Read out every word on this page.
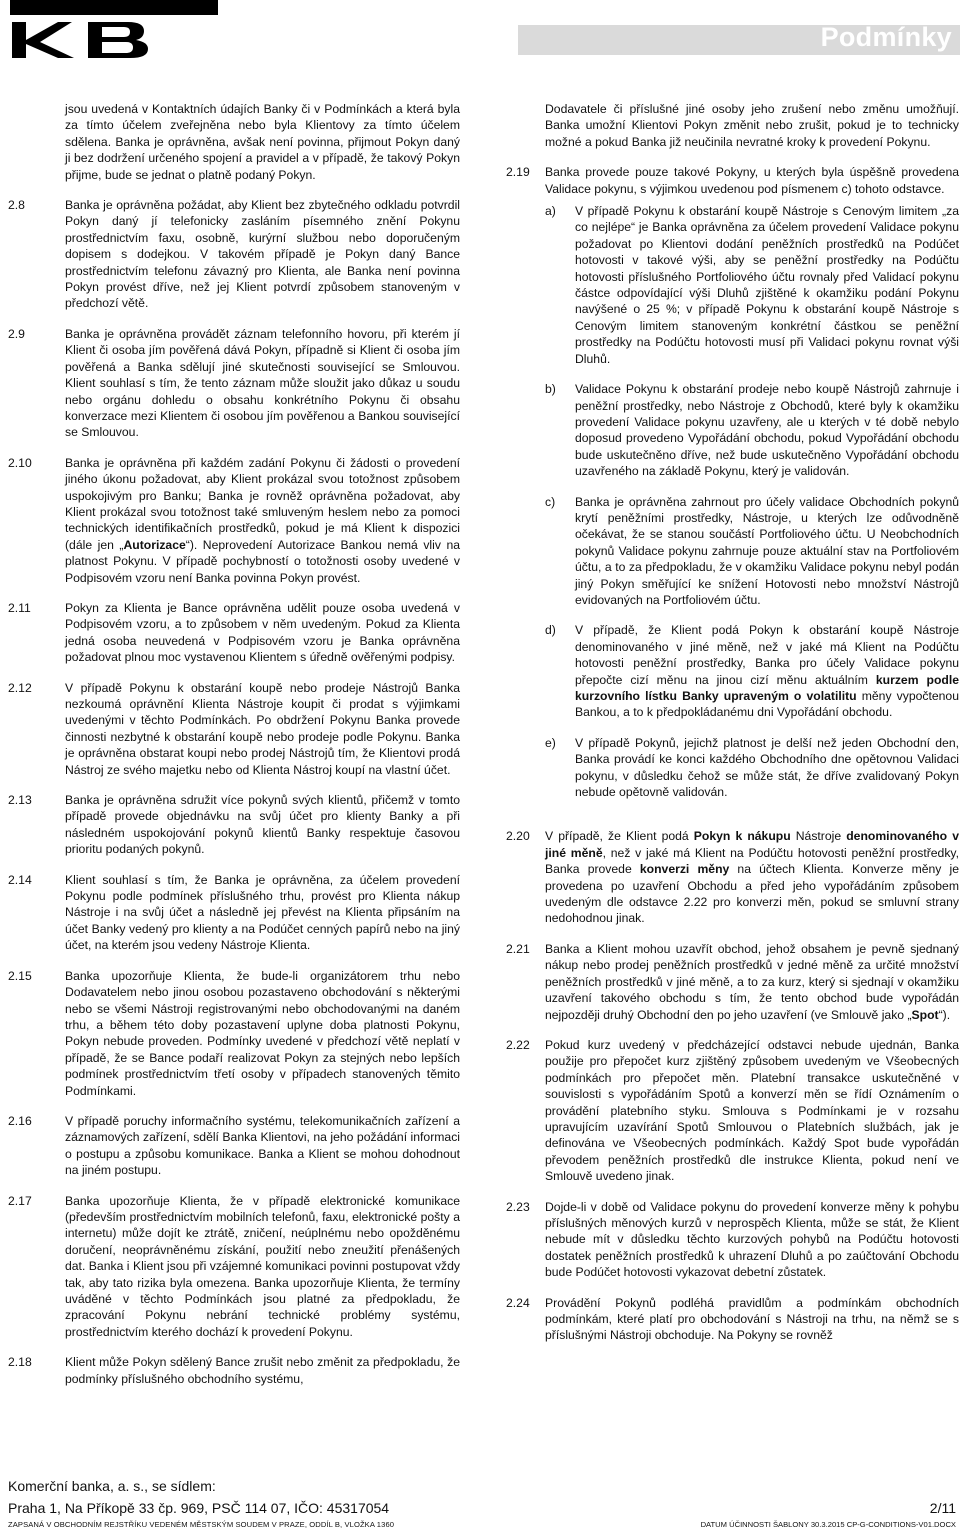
Podmínky
jsou uvedená v Kontaktních údajích Banky či v Podmínkách a která byla za tímto účelem zveřejněna nebo byla Klientovy za tímto účelem sdělena. Banka je oprávněna, avšak není povinna, přijmout Pokyn daný ji bez dodržení určeného spojení a pravidel a v případě, že takový Pokyn přijme, bude se jednat o platně podaný Pokyn.
2.8	Banka je oprávněna požádat, aby Klient bez zbytečného odkladu potvrdil Pokyn daný jí telefonicky zasláním písemného znění Pokynu prostřednictvím faxu, osobně, kurýrní službou nebo doporučeným dopisem s dodejkou. V takovém případě je Pokyn daný Bance prostřednictvím telefonu závazný pro Klienta, ale Banka není povinna Pokyn provést dříve, než jej Klient potvrdí způsobem stanoveným v předchozí větě.
2.9	Banka je oprávněna provádět záznam telefonního hovoru, při kterém jí Klient či osoba jím pověřená dává Pokyn, případně si Klient či osoba jím pověřená a Banka sdělují jiné skutečnosti související se Smlouvou. Klient souhlasí s tím, že tento záznam může sloužit jako důkaz u soudu nebo orgánu dohledu o obsahu konkrétního Pokynu či obsahu konverzace mezi Klientem či osobou jím pověřenou a Bankou související se Smlouvou.
2.10	Banka je oprávněna při každém zadání Pokynu či žádosti o provedení jiného úkonu požadovat, aby Klient prokázal svou totožnost způsobem uspokojivým pro Banku; Banka je rovněž oprávněna požadovat, aby Klient prokázal svou totožnost také smluveným heslem nebo za pomoci technických identifikačních prostředků, pokud je má Klient k dispozici (dále jen „Autorizace“). Neprovedení Autorizace Bankou nemá vliv na platnost Pokynu. V případě pochybností o totožnosti osoby uvedené v Podpisovém vzoru není Banka povinna Pokyn provést.
2.11	Pokyn za Klienta je Bance oprávněna udělit pouze osoba uvedená v Podpisovém vzoru, a to způsobem v něm uvedeným. Pokud za Klienta jedná osoba neuvedená v Podpisovém vzoru je Banka oprávněna požadovat plnou moc vystavenou Klientem s úředně ověřenými podpisy.
2.12	V případě Pokynu k obstarání koupě nebo prodeje Nástrojů Banka nezkoumá oprávnění Klienta Nástroje koupit či prodat s výjimkami uvedenými v těchto Podmínkách. Po obdržení Pokynu Banka provede činnosti nezbytné k obstarání koupě nebo prodeje podle Pokynu. Banka je oprávněna obstarat koupi nebo prodej Nástrojů tím, že Klientovi prodá Nástroj ze svého majetku nebo od Klienta Nástroj koupí na vlastní účet.
2.13	Banka je oprávněna sdružit více pokynů svých klientů, přičemž v tomto případě provede objednávku na svůj účet pro klienty Banky a při následném uspokojování pokynů klientů Banky respektuje časovou prioritu podaných pokynů.
2.14	Klient souhlasí s tím, že Banka je oprávněna, za účelem provedení Pokynu podle podmínek příslušného trhu, provést pro Klienta nákup Nástroje i na svůj účet a následně jej převést na Klienta připsáním na účet Banky vedený pro klienty a na Podúčet cenných papírů nebo na jiný účet, na kterém jsou vedeny Nástroje Klienta.
2.15	Banka upozorňuje Klienta, že bude-li organizátorem trhu nebo Dodavatelem nebo jinou osobou pozastaveno obchodování s některými nebo se všemi Nástroji registrovanými nebo obchodovanými na daném trhu, a během této doby pozastavení uplyne doba platnosti Pokynu, Pokyn nebude proveden. Podmínky uvedené v předchozí větě neplatí v případě, že se Bance podaří realizovat Pokyn za stejných nebo lepších podmínek prostřednictvím třetí osoby v případech stanovených těmito Podmínkami.
2.16	V případě poruchy informačního systému, telekomunikačních zařízení a záznamových zařízení, sdělí Banka Klientovi, na jeho požádání informaci o postupu a způsobu komunikace. Banka a Klient se mohou dohodnout na jiném postupu.
2.17	Banka upozorňuje Klienta, že v případě elektronické komunikace (především prostřednictvím mobilních telefonů, faxu, elektronické pošty a internetu) může dojít ke ztrátě, zničení, neúplnému nebo opožděnému doručení, neoprávněnému získání, použití nebo zneužití přenášených dat. Banka i Klient jsou při vzájemné komunikaci povinni postupovat vždy tak, aby tato rizika byla omezena. Banka upozorňuje Klienta, že termíny uváděné v těchto Podmínkách jsou platné za předpokladu, že zpracování Pokynu nebrání technické problémy systému, prostřednictvím kterého dochází k provedení Pokynu.
2.18	Klient může Pokyn sdělený Bance zrušit nebo změnit za předpokladu, že podmínky příslušného obchodního systému,
Dodavatele či příslušné jiné osoby jeho zrušení nebo změnu umožňují. Banka umožní Klientovi Pokyn změnit nebo zrušit, pokud je to technicky možné a pokud Banka již neučinila nevratné kroky k provedení Pokynu.
2.19	Banka provede pouze takové Pokyny, u kterých byla úspěšně provedena Validace pokynu, s výjimkou uvedenou pod písmenem c) tohoto odstavce.
a)	V případě Pokynu k obstarání koupě Nástroje s Cenovým limitem „za co nejlépe“ je Banka oprávněna za účelem provedení Validace pokynu požadovat po Klientovi dodání peněžních prostředků na Podúčet hotovosti v takové výši, aby se peněžní prostředky na Podúčtu hotovosti příslušného Portfoliového účtu rovnaly před Validací pokynu částce odpovídající výši Dluhů zjištěné k okamžiku podání Pokynu navýšené o 25 %; v případě Pokynu k obstarání koupě Nástroje s Cenovým limitem stanoveným konkrétní částkou se peněžní prostředky na Podúčtu hotovosti musí při Validaci pokynu rovnat výši Dluhů.
b)	Validace Pokynu k obstarání prodeje nebo koupě Nástrojů zahrnuje i peněžní prostředky, nebo Nástroje z Obchodů, které byly k okamžiku provedení Validace pokynu uzavřeny, ale u kterých v té době nebylo doposud provedeno Vypořádání obchodu, pokud Vypořádání obchodu bude uskutečněno dříve, než bude uskutečněno Vypořádání obchodu uzavřeného na základě Pokynu, který je validován.
c)	Banka je oprávněna zahrnout pro účely validace Obchodních pokynů krytí peněžními prostředky, Nástroje, u kterých lze odůvodněně očekávat, že se stanou součástí Portfoliového účtu. U Neobchodních pokynů Validace pokynu zahrnuje pouze aktuální stav na Portfoliovém účtu, a to za předpokladu, že v okamžiku Validace pokynu nebyl podán jiný Pokyn směřující ke snížení Hotovosti nebo množství Nástrojů evidovaných na Portfoliovém účtu.
d)	V případě, že Klient podá Pokyn k obstarání koupě Nástroje denominovaného v jiné měně, než v jaké má Klient na Podúčtu hotovosti peněžní prostředky, Banka pro účely Validace pokynu přepočte cizí měnu na jinou cizí měnu aktuálním kurzem podle kurzovního lístku Banky upraveným o volatilitu měny vypočtenou Bankou, a to k předpokládanému dni Vypořádání obchodu.
e)	V případě Pokynů, jejichž platnost je delší než jeden Obchodní den, Banka provádí ke konci každého Obchodního dne opětovnou Validaci pokynu, v důsledku čehož se může stát, že dříve zvalidovaný Pokyn nebude opětovně validován.
2.20	V případě, že Klient podá Pokyn k nákupu Nástroje denominovaného v jiné měně, než v jaké má Klient na Podúčtu hotovosti peněžní prostředky, Banka provede konverzi měny na účtech Klienta. Konverze měny je provedena po uzavření Obchodu a před jeho vypořádáním způsobem uvedeným dle odstavce 2.22 pro konverzi měn, pokud se smluvní strany nedohodnou jinak.
2.21	Banka a Klient mohou uzavřít obchod, jehož obsahem je pevně sjednaný nákup nebo prodej peněžních prostředků v jedné měně za určité množství peněžních prostředků v jiné měně, a to za kurz, který si sjednají v okamžiku uzavření takového obchodu s tím, že tento obchod bude vypořádán nejpozději druhý Obchodní den po jeho uzavření (ve Smlouvě jako „Spot“).
2.22	Pokud kurz uvedený v předcházející odstavci nebude ujednán, Banka použije pro přepočet kurz zjištěný způsobem uvedeným ve Všeobecných podmínkách pro přepočet měn. Platební transakce uskutečněné v souvislosti s vypořádáním Spotů a konverzí měn se řídí Oznámením o provádění platebního styku. Smlouva s Podmínkami je v rozsahu upravujícím uzavírání Spotů Smlouvou o Platebních službách, jak je definována ve Všeobecných podmínkách. Každý Spot bude vypořádán převodem peněžních prostředků dle instrukce Klienta, pokud není ve Smlouvě uvedeno jinak.
2.23	Dojde-li v době od Validace pokynu do provedení konverze měny k pohybu příslušných měnových kurzů v neprospěch Klienta, může se stát, že Klient nebude mít v důsledku těchto kurzových pohybů na Podúčtu hotovosti dostatek peněžních prostředků k uhrazení Dluhů a po zaúčtování Obchodu bude Podúčet hotovosti vykazovat debetní zůstatek.
2.24	Provádění Pokynů podléhá pravidlům a podmínkám obchodních podmínkám, které platí pro obchodování s Nástroji na trhu, na němž se s příslušnými Nástroji obchoduje. Na Pokyny se rovněž
Komerční banka, a. s., se sídlem:
Praha 1, Na Příkopě 33 čp. 969, PSČ 114 07, IČO: 45317054
ZAPSANÁ V OBCHODNÍM REJSTŘÍKU VEDENÉM MĚSTSKÝM SOUDEM V PRAZE, ODDÍL B, VLOŽKA 1360
2/11
DATUM ÚČINNOSTI ŠABLONY 30.3.2015 CP-G-CONDITIONS-V01.DOCX
